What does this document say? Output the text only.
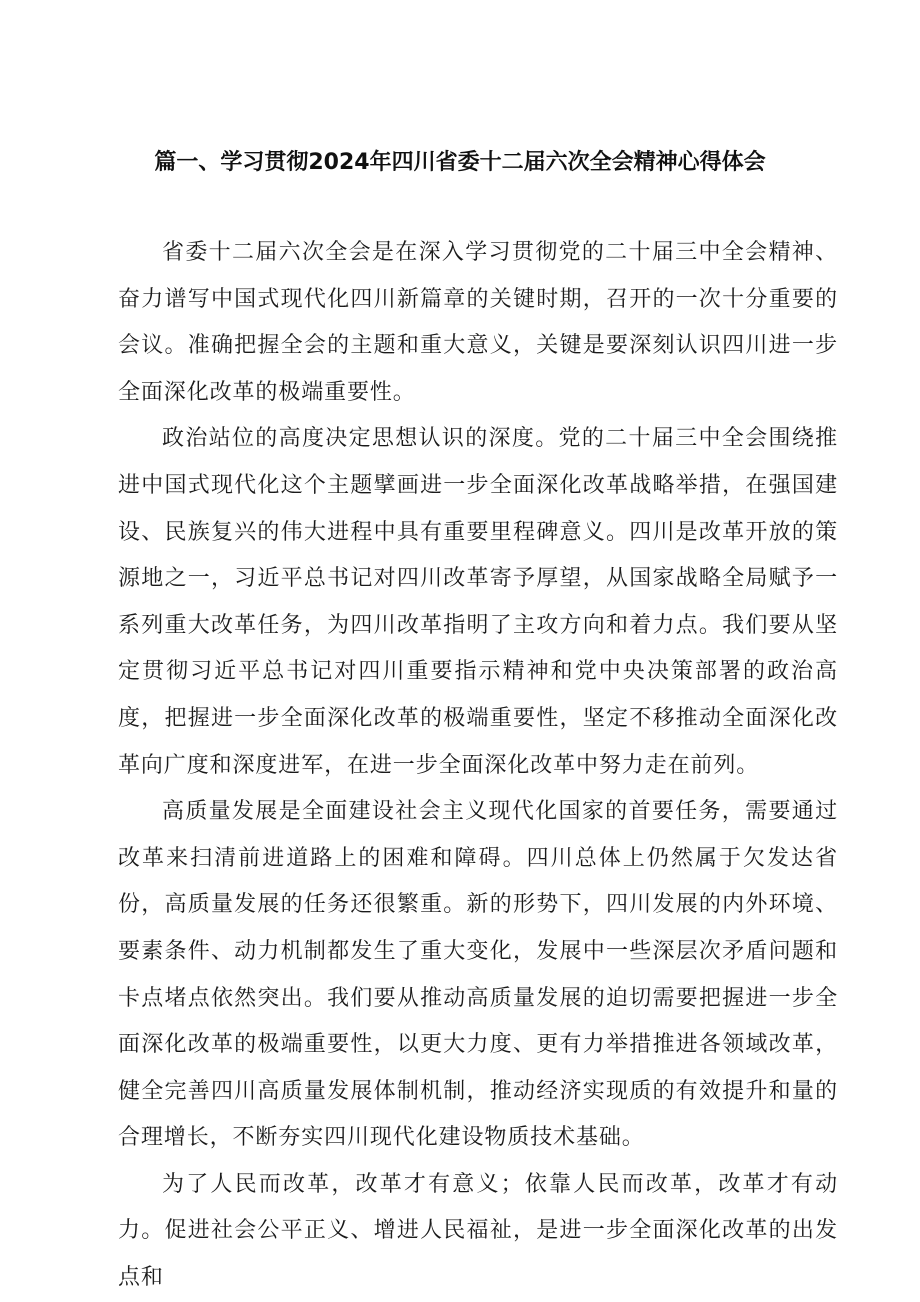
篇一、学习贯彻2024年四川省委十二届六次全会精神心得体会

省委十二届六次全会是在深入学习贯彻党的二十届三中全会精神、奋力谱写中国式现代化四川新篇章的关键时期，召开的一次十分重要的会议。准确把握全会的主题和重大意义，关键是要深刻认识四川进一步全面深化改革的极端重要性。

政治站位的高度决定思想认识的深度。党的二十届三中全会围绕推进中国式现代化这个主题擘画进一步全面深化改革战略举措，在强国建设、民族复兴的伟大进程中具有重要里程碑意义。四川是改革开放的策源地之一，习近平总书记对四川改革寄予厚望，从国家战略全局赋予一系列重大改革任务，为四川改革指明了主攻方向和着力点。我们要从坚定贯彻习近平总书记对四川重要指示精神和党中央决策部署的政治高度，把握进一步全面深化改革的极端重要性，坚定不移推动全面深化改革向广度和深度进军，在进一步全面深化改革中努力走在前列。

高质量发展是全面建设社会主义现代化国家的首要任务，需要通过改革来扫清前进道路上的困难和障碍。四川总体上仍然属于欠发达省份，高质量发展的任务还很繁重。新的形势下，四川发展的内外环境、要素条件、动力机制都发生了重大变化，发展中一些深层次矛盾问题和卡点堵点依然突出。我们要从推动高质量发展的迫切需要把握进一步全面深化改革的极端重要性，以更大力度、更有力举措推进各领域改革，健全完善四川高质量发展体制机制，推动经济实现质的有效提升和量的合理增长，不断夯实四川现代化建设物质技术基础。

为了人民而改革，改革才有意义；依靠人民而改革，改革才有动力。促进社会公平正义、增进人民福祉，是进一步全面深化改革的出发点和
